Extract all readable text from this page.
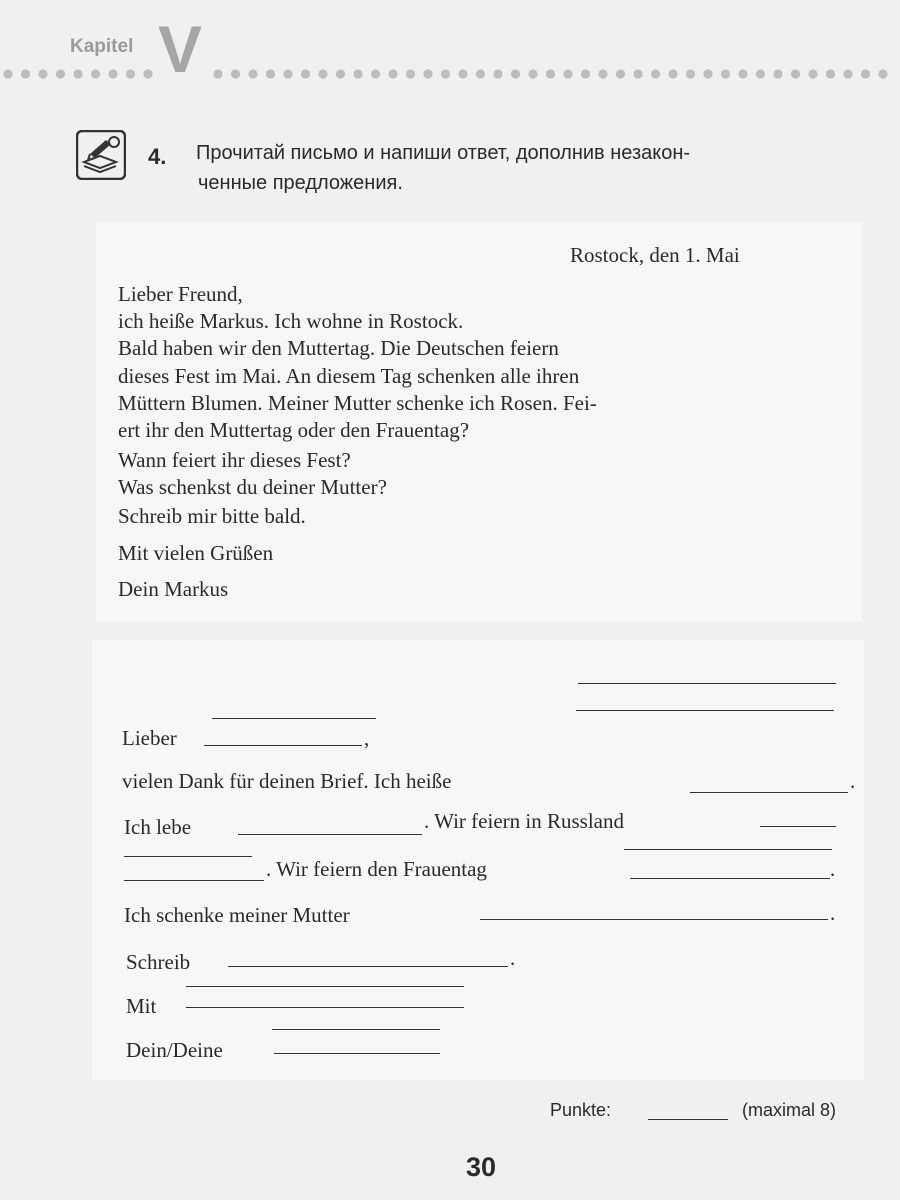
Kapitel V
4. Прочитай письмо и напиши ответ, дополнив незакон-
ченные предложения.
Rostock, den 1. Mai
Lieber Freund,
ich heiße Markus. Ich wohne in Rostock.
Bald haben wir den Muttertag. Die Deutschen feiern
dieses Fest im Mai. An diesem Tag schenken alle ihren
Müttern Blumen. Meiner Mutter schenke ich Rosen. Fei-
ert ihr den Muttertag oder den Frauentag?
Wann feiert ihr dieses Fest?
Was schenkst du deiner Mutter?
Schreib mir bitte bald.
Mit vielen Grüßen
Dein Markus
Lieber	,
vielen Dank für deinen Brief. Ich heiße	.
Ich lebe	. Wir feiern in Russland
. Wir feiern den Frauentag	.
Ich schenke meiner Mutter	.
Schreib	.
Mit
Dein/Deine
Punkte:	(maximal 8)
30
